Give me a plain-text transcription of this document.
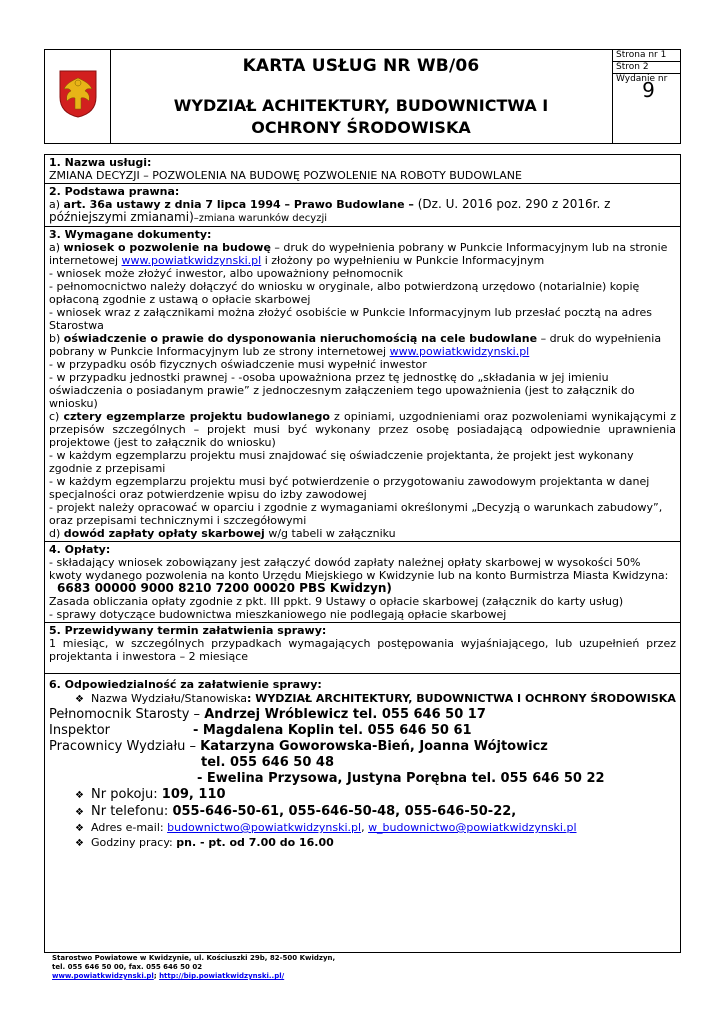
KARTA USŁUG NR WB/06
WYDZIAŁ ACHITEKTURY, BUDOWNICTWA I OCHRONY ŚRODOWISKA
Strona nr 1
Stron 2
Wydanie nr
9
1. Nazwa usługi:
ZMIANA DECYZJI – POZWOLENIA NA BUDOWĘ POZWOLENIE NA ROBOTY BUDOWLANE
2. Podstawa prawna:
a) art. 36a ustawy z dnia 7 lipca 1994 – Prawo Budowlane – (Dz. U. 2016 poz. 290 z 2016r. z późniejszymi zmianami)–zmiana warunków decyzji
3. Wymagane dokumenty:
a) wniosek o pozwolenie na budowę – druk do wypełnienia pobrany w Punkcie Informacyjnym lub na stronie internetowej www.powiatkwidzynski.pl i złożony po wypełnieniu w Punkcie Informacyjnym
- wniosek może złożyć inwestor, albo upoważniony pełnomocnik
- pełnomocnictwo należy dołączyć do wniosku w oryginale, albo potwierdzoną urzędowo (notarialnie) kopię opłaconą zgodnie z ustawą o opłacie skarbowej
- wniosek wraz z załącznikami można złożyć osobiście w Punkcie Informacyjnym lub przesłać pocztą na adres Starostwa
b) oświadczenie o prawie do dysponowania nieruchomością na cele budowlane – druk do wypełnienia pobrany w Punkcie Informacyjnym lub ze strony internetowej www.powiatkwidzynski.pl
- w przypadku osób fizycznych oświadczenie musi wypełnić inwestor
- w przypadku jednostki prawnej - -osoba upoważniona przez tę jednostkę do „składania w jej imieniu oświadczenia o posiadanym prawie” z jednoczesnym załączeniem tego upoważnienia (jest to załącznik do wniosku)
c) cztery egzemplarze projektu budowlanego z opiniami, uzgodnieniami oraz pozwoleniami wynikającymi z przepisów szczególnych – projekt musi być wykonany przez osobę posiadającą odpowiednie uprawnienia projektowe (jest to załącznik do wniosku)
- w każdym egzemplarzu projektu musi znajdować się oświadczenie projektanta, że projekt jest wykonany zgodnie z przepisami
- w każdym egzemplarzu projektu musi być potwierdzenie o przygotowaniu zawodowym projektanta w danej specjalności oraz potwierdzenie wpisu do izby zawodowej
- projekt należy opracować w oparciu i zgodnie z wymaganiami określonymi „Decyzją o warunkach zabudowy”, oraz przepisami technicznymi i szczegółowymi
d) dowód zapłaty opłaty skarbowej w/g tabeli w załączniku
4. Opłaty:
- składający wniosek zobowiązany jest załączyć dowód zapłaty należnej opłaty skarbowej w wysokości 50% kwoty wydanego pozwolenia na konto Urzędu Miejskiego w Kwidzynie lub na konto Burmistrza Miasta Kwidzyna:
6683 00000 9000 8210 7200 00020 PBS Kwidzyn)
Zasada obliczania opłaty zgodnie z pkt. III ppkt. 9 Ustawy o opłacie skarbowej (załącznik do karty usług)
- sprawy dotyczące budownictwa mieszkaniowego nie podlegają opłacie skarbowej
5. Przewidywany termin załatwienia sprawy:
1 miesiąc, w szczególnych przypadkach wymagających postępowania wyjaśniającego, lub uzupełnień przez projektanta i inwestora – 2 miesiące
6. Odpowiedzialność za załatwienie sprawy:
❖ Nazwa Wydziału/Stanowiska: WYDZIAŁ ARCHITEKTURY, BUDOWNICTWA I OCHRONY ŚRODOWISKA
Pełnomocnik Starosty – Andrzej Wróblewicz tel. 055 646 50 17
Inspektor	- Magdalena Koplin tel. 055 646 50 61
Pracownicy Wydziału – Katarzyna Goworowska-Bień, Joanna Wójtowicz
tel. 055 646 50 48
- Ewelina Przysowa, Justyna Porębna tel. 055 646 50 22
❖ Nr pokoju: 109, 110
❖ Nr telefonu: 055-646-50-61, 055-646-50-48, 055-646-50-22,
❖ Adres e-mail: budownictwo@powiatkwidzynski.pl, w_budownictwo@powiatkwidzynski.pl
❖ Godziny pracy: pn. - pt. od 7.00 do 16.00
Starostwo Powiatowe w Kwidzynie, ul. Kościuszki 29b, 82-500 Kwidzyn,
tel. 055 646 50 00, fax. 055 646 50 02
www.powiatkwidzynski.pl; http://bip.powiatkwidzynski..pl/
